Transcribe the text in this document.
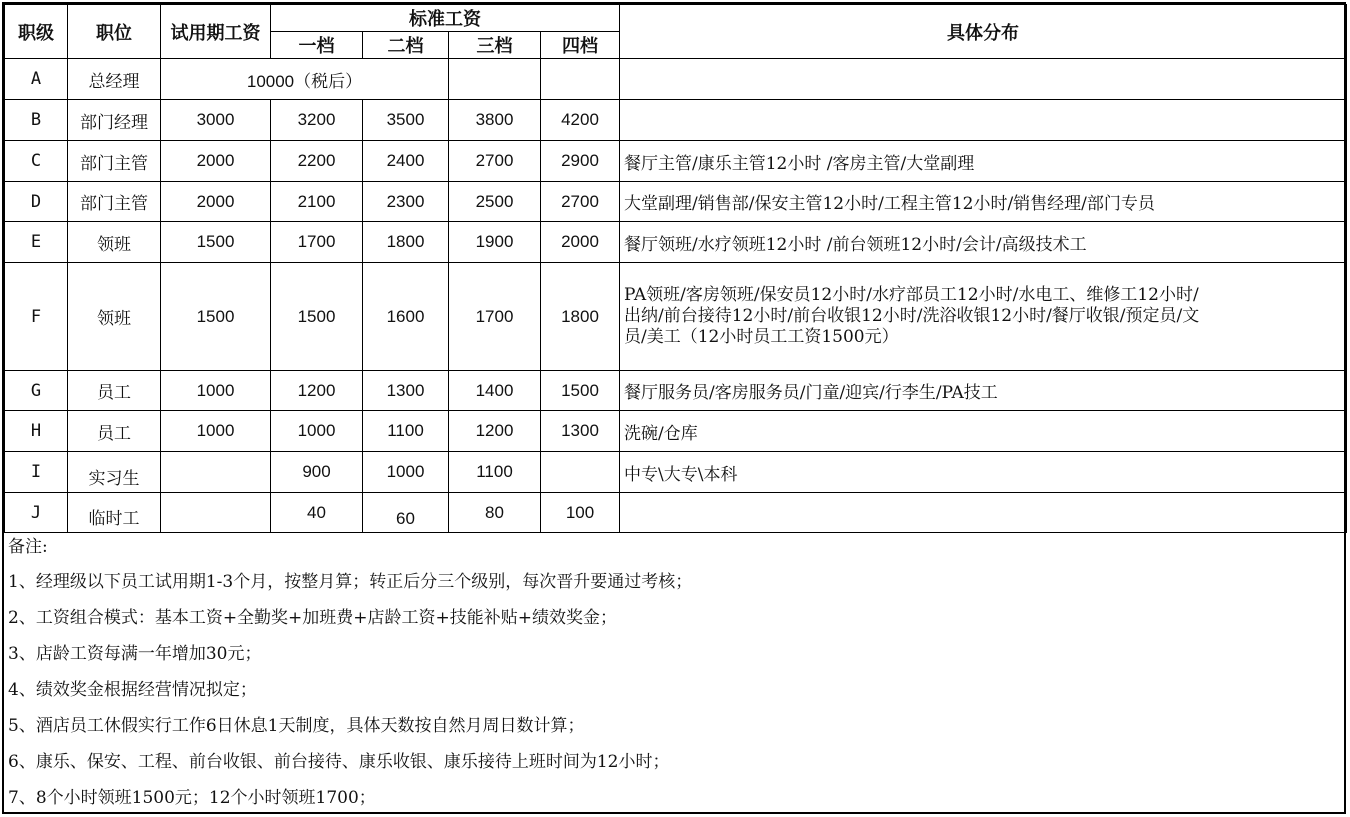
职级	职位	试用期工资	标准工资				具体分布
			一档	二档	三档	四档	
A	总经理	10000（税后）					
B	部门经理	3000	3200	3500	3800	4200	
C	部门主管	2000	2200	2400	2700	2900	餐厅主管/康乐主管12小时 /客房主管/大堂副理
D	部门主管	2000	2100	2300	2500	2700	大堂副理/销售部/保安主管12小时/工程主管12小时/销售经理/部门专员
E	领班	1500	1700	1800	1900	2000	餐厅领班/水疗领班12小时 /前台领班12小时/会计/高级技术工
F	领班	1500	1500	1600	1700	1800	PA领班/客房领班/保安员12小时/水疗部员工12小时/水电工、维修工12小时/
出纳/前台接待12小时/前台收银12小时/洗浴收银12小时/餐厅收银/预定员/文
员/美工（12小时员工工资1500元）

G	员工	1000	1200	1300	1400	1500	餐厅服务员/客房服务员/门童/迎宾/行李生/PA技工
H	员工	1000	1000	1100	1200	1300	洗碗/仓库
I	实习生		900	1000	1100		中专\大专\本科
J	临时工		40	60	80	100	
备注:
1、经理级以下员工试用期1-3个月，按整月算；转正后分三个级别，每次晋升要通过考核；
2、工资组合模式：基本工资+全勤奖+加班费+店龄工资+技能补贴+绩效奖金；
3、店龄工资每满一年增加30元；
4、绩效奖金根据经营情况拟定；
5、酒店员工休假实行工作6日休息1天制度，具体天数按自然月周日数计算；
6、康乐、保安、工程、前台收银、前台接待、康乐收银、康乐接待上班时间为12小时；
7、8个小时领班1500元；12个小时领班1700；
